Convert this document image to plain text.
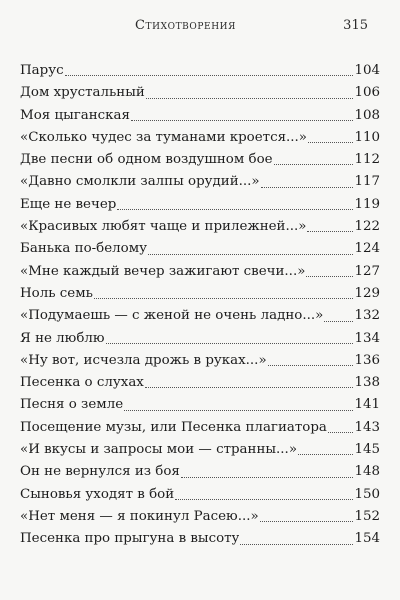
Стихотворения	315
Парус	104
Дом хрустальный	106
Моя цыганская	108
«Сколько чудес за туманами кроется...»	110
Две песни об одном воздушном бое	112
«Давно смолкли залпы орудий...»	117
Еще не вечер	119
«Красивых любят чаще и прилежней...»	122
Банька по-белому	124
«Мне каждый вечер зажигают свечи...»	127
Ноль семь	129
«Подумаешь — с женой не очень ладно...» 132
Я не люблю	134
«Ну вот, исчезла дрожь в руках...»	136
Песенка о слухах	138
Песня о земле	141
Посещение музы, или Песенка плагиатора 143
«И вкусы и запросы мои — странны...»	145
Он не вернулся из боя	148
Сыновья уходят в бой	150
«Нет меня — я покинул Расею...»	152
Песенка про прыгуна в высоту	154
